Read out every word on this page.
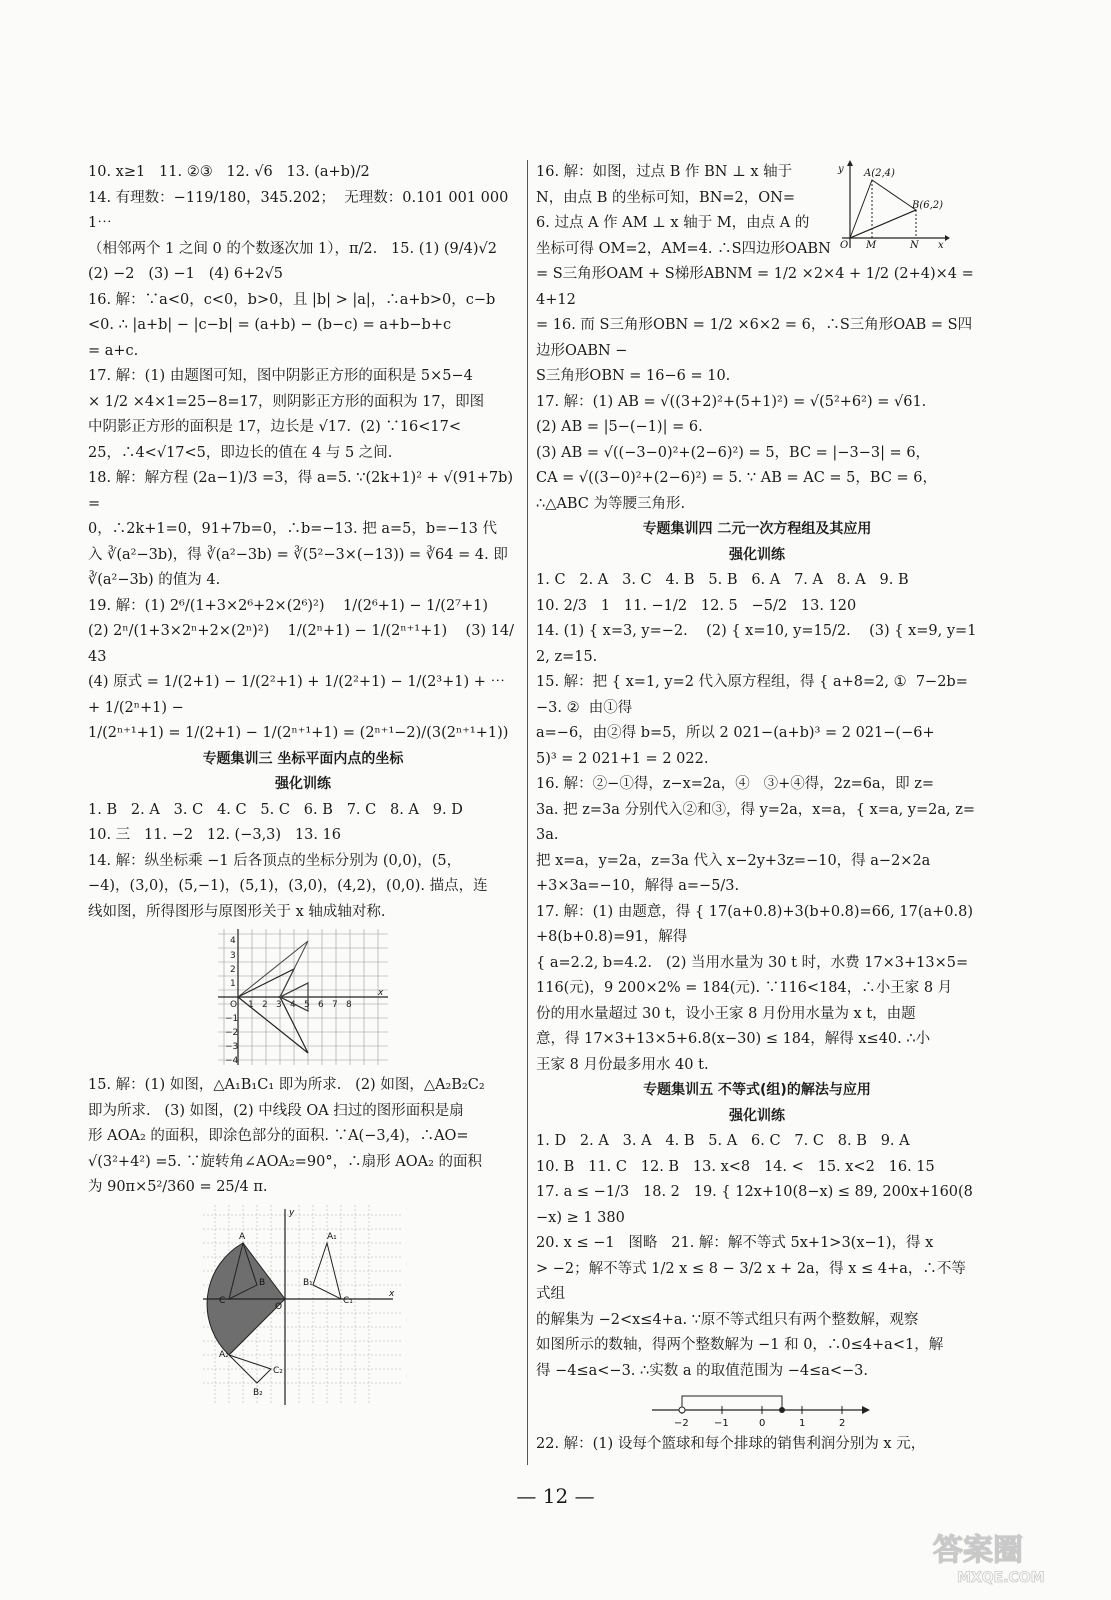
10. x≥1   11. ②③   12. √6   13. (a+b)/2
14. 有理数：−119/180，345.202̇；  无理数：0.101 001 000 1⋯
（相邻两个 1 之间 0 的个数逐次加 1），π/2.   15. (1) (9/4)√2
(2) −2   (3) −1   (4) 6+2√5
16. 解：∵a<0，c<0，b>0，且 |b| > |a|，∴a+b>0，c−b
<0. ∴ |a+b| − |c−b| = (a+b) − (b−c) = a+b−b+c
= a+c.
17. 解：(1) 由题图可知，图中阴影正方形的面积是 5×5−4
× 1/2 ×4×1=25−8=17，则阴影正方形的面积为 17，即图
中阴影正方形的面积是 17，边长是 √17.  (2) ∵16<17<
25，∴4<√17<5，即边长的值在 4 与 5 之间.
18. 解：解方程 (2a−1)/3 =3，得 a=5. ∵(2k+1)² + √(91+7b) =
0，∴2k+1=0，91+7b=0，∴b=−13. 把 a=5，b=−13 代
入 ∛(a²−3b)，得 ∛(a²−3b) = ∛(5²−3×(−13)) = ∛64 = 4. 即
∛(a²−3b) 的值为 4.
19. 解：(1) 2⁶/(1+3×2⁶+2×(2⁶)²)    1/(2⁶+1) − 1/(2⁷+1)
(2) 2ⁿ/(1+3×2ⁿ+2×(2ⁿ)²)    1/(2ⁿ+1) − 1/(2ⁿ⁺¹+1)    (3) 14/43
(4) 原式 = 1/(2+1) − 1/(2²+1) + 1/(2²+1) − 1/(2³+1) + ⋯ + 1/(2ⁿ+1) −
1/(2ⁿ⁺¹+1) = 1/(2+1) − 1/(2ⁿ⁺¹+1) = (2ⁿ⁺¹−2)/(3(2ⁿ⁺¹+1))
专题集训三 坐标平面内点的坐标
强化训练
1. B   2. A   3. C   4. C   5. C   6. B   7. C   8. A   9. D
10. 三   11. −2   12. (−3,3)   13. 16
14. 解：纵坐标乘 −1 后各顶点的坐标分别为 (0,0)，(5，
−4)，(3,0)，(5,−1)，(5,1)，(3,0)，(4,2)，(0,0). 描点，连
线如图，所得图形与原图形关于 x 轴成轴对称.
4
3
2
1
O
−1
−2
−3
−4
1 2 3 4 5 6 7 8
x
15. 解：(1) 如图，△A₁B₁C₁ 即为所求.   (2) 如图，△A₂B₂C₂
即为所求.   (3) 如图，(2) 中线段 OA 扫过的图形面积是扇
形 AOA₂ 的面积，即涂色部分的面积. ∵A(−3,4)，∴AO=
√(3²+4²) =5. ∵旋转角∠AOA₂=90°，∴扇形 AOA₂ 的面积
为 90π×5²/360 = 25/4 π.
x
y
O
A
B
C
A₁
B₁
C₁
A₂
B₂
C₂
16. 解：如图，过点 B 作 BN ⊥ x 轴于
N，由点 B 的坐标可知，BN=2，ON=
6. 过点 A 作 AM ⊥ x 轴于 M，由点 A 的
坐标可得 OM=2，AM=4. ∴S四边形OABN
= S三角形OAM + S梯形ABNM = 1/2 ×2×4 + 1/2 (2+4)×4 = 4+12
= 16. 而 S三角形OBN = 1/2 ×6×2 = 6，∴S三角形OAB = S四边形OABN −
S三角形OBN = 16−6 = 10.
17. 解：(1) AB = √((3+2)²+(5+1)²) = √(5²+6²) = √61.
(2) AB = |5−(−1)| = 6.
(3) AB = √((−3−0)²+(2−6)²) = 5，BC = |−3−3| = 6，
CA = √((3−0)²+(2−6)²) = 5. ∵ AB = AC = 5，BC = 6，
∴△ABC 为等腰三角形.
专题集训四 二元一次方程组及其应用
强化训练
1. C   2. A   3. C   4. B   5. B   6. A   7. A   8. A   9. B
10. 2/3   1   11. −1/2   12. 5   −5/2   13. 120
14. (1) { x=3, y=−2.    (2) { x=10, y=15/2.    (3) { x=9, y=12, z=15.
15. 解：把 { x=1, y=2 代入原方程组，得 { a+8=2, ①  7−2b=−3. ②  由①得
a=−6，由②得 b=5，所以 2 021−(a+b)³ = 2 021−(−6+
5)³ = 2 021+1 = 2 022.
16. 解：②−①得，z−x=2a，④   ③+④得，2z=6a，即 z=
3a. 把 z=3a 分别代入②和③，得 y=2a，x=a，{ x=a, y=2a, z=3a.
把 x=a，y=2a，z=3a 代入 x−2y+3z=−10，得 a−2×2a
+3×3a=−10，解得 a=−5/3.
17. 解：(1) 由题意，得 { 17(a+0.8)+3(b+0.8)=66, 17(a+0.8)+8(b+0.8)=91，解得
{ a=2.2, b=4.2.   (2) 当用水量为 30 t 时，水费 17×3+13×5=
116(元)，9 200×2% = 184(元). ∵116<184，∴小王家 8 月
份的用水量超过 30 t，设小王家 8 月份用水量为 x t，由题
意，得 17×3+13×5+6.8(x−30) ≤ 184，解得 x≤40. ∴小
王家 8 月份最多用水 40 t.
专题集训五 不等式(组)的解法与应用
强化训练
1. D   2. A   3. A   4. B   5. A   6. C   7. C   8. B   9. A
10. B   11. C   12. B   13. x<8   14. <   15. x<2   16. 15
17. a ≤ −1/3   18. 2   19. { 12x+10(8−x) ≤ 89, 200x+160(8−x) ≥ 1 380
20. x ≤ −1   图略   21. 解：解不等式 5x+1>3(x−1)，得 x
> −2；解不等式 1/2 x ≤ 8 − 3/2 x + 2a，得 x ≤ 4+a，∴不等式组
的解集为 −2<x≤4+a. ∵原不等式组只有两个整数解，观察
如图所示的数轴，得两个整数解为 −1 和 0，∴0≤4+a<1，解
得 −4≤a<−3. ∴实数 a 的取值范围为 −4≤a<−3.
−2	−1	0	1	2
22. 解：(1) 设每个篮球和每个排球的销售利润分别为 x 元，
y A(2,4)
B(6,2)
O M	N x
— 12 —
答案圈
MXQE.COM
